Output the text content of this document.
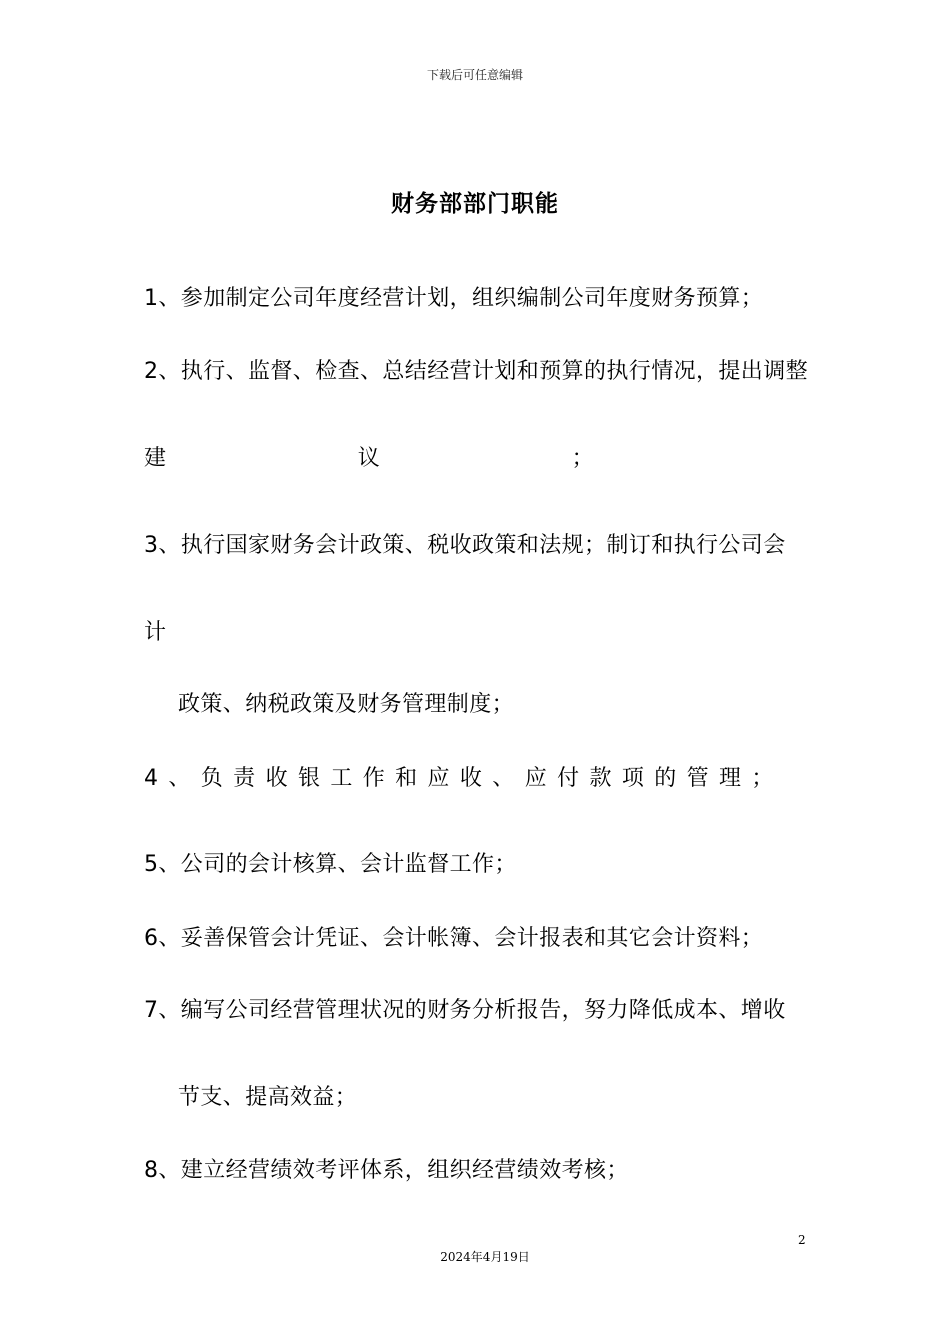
下载后可任意编辑
财务部部门职能
1、参加制定公司年度经营计划，组织编制公司年度财务预算；
2、执行、监督、检查、总结经营计划和预算的执行情况，提出调整
建	议	；
3、执行国家财务会计政策、税收政策和法规；制订和执行公司会
计
政策、纳税政策及财务管理制度；
4 、 负 责 收 银 工 作 和 应 收 、 应 付 款 项 的 管 理 ；
5、公司的会计核算、会计监督工作；
6、妥善保管会计凭证、会计帐簿、会计报表和其它会计资料；
7、编写公司经营管理状况的财务分析报告，努力降低成本、增收
节支、提高效益；
8、建立经营绩效考评体系，组织经营绩效考核；
2
2024年4月19日
